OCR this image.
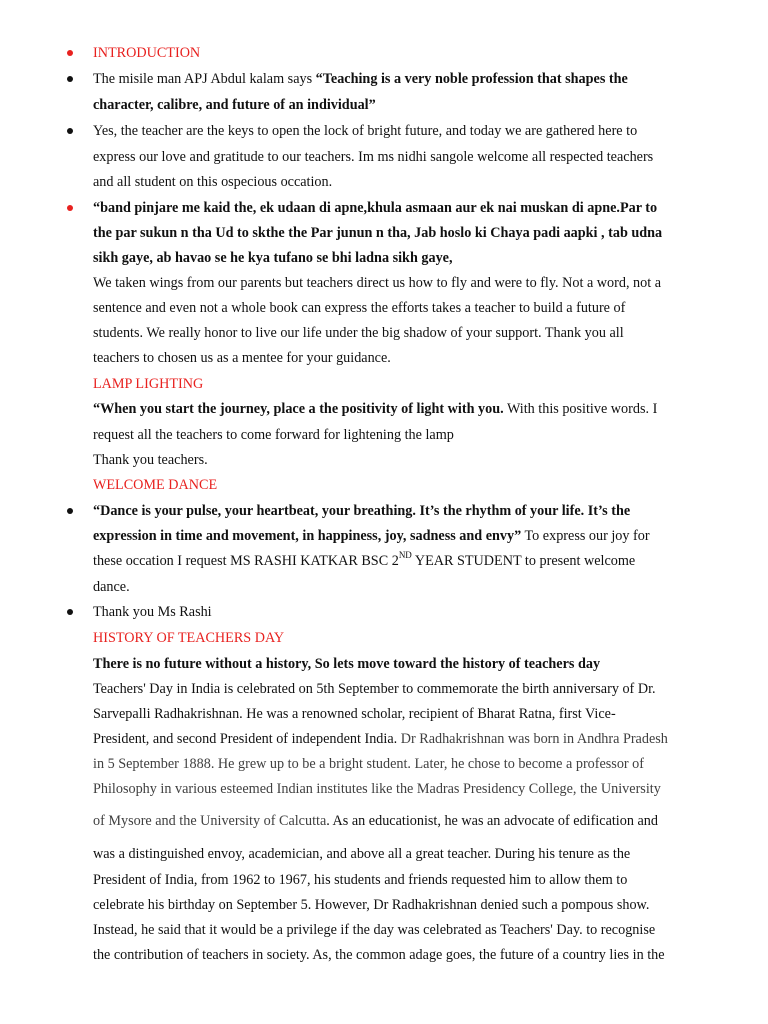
INTRODUCTION
The misile man APJ Abdul kalam says “Teaching is a very noble profession that shapes the
character, calibre, and future of an individual”
Yes, the teacher are the keys to open the lock of bright future, and today we are gathered here to
express our love and gratitude to our teachers. Im ms nidhi sangole welcome all respected teachers
and all student on this ospecious occation.
“band pinjare me kaid the, ek udaan di apne,khula asmaan aur ek nai muskan di apne.Par to
the par sukun n tha Ud to skthe the Par junun n tha, Jab hoslo ki Chaya padi aapki , tab udna
sikh gaye, ab havao se he kya tufano se bhi ladna sikh gaye,
We taken wings from our parents but teachers direct us how to fly and were to fly. Not a word, not a
sentence and even not a whole book can express the efforts takes a teacher to build a future of
students. We really honor to live our life under the big shadow of your support. Thank you all
teachers to chosen us as a mentee for your guidance.
LAMP LIGHTING
“When you start the journey, place a the positivity of light with you. With this positive words. I
request all the teachers to come forward for lightening the lamp
Thank you teachers.
WELCOME DANCE
“Dance is your pulse, your heartbeat, your breathing. It’s the rhythm of your life. It’s the
expression in time and movement, in happiness, joy, sadness and envy” To express our joy for
these occation I request MS RASHI KATKAR BSC 2ND YEAR STUDENT to present welcome
dance.
Thank you Ms Rashi
HISTORY OF TEACHERS DAY
There is no future without a history, So lets move toward the history of teachers day
Teachers' Day in India is celebrated on 5th September to commemorate the birth anniversary of Dr.
Sarvepalli Radhakrishnan. He was a renowned scholar, recipient of Bharat Ratna, first Vice-
President, and second President of independent India. Dr Radhakrishnan was born in Andhra Pradesh
in 5 September 1888. He grew up to be a bright student. Later, he chose to become a professor of
Philosophy in various esteemed Indian institutes like the Madras Presidency College, the University
of Mysore and the University of Calcutta. As an educationist, he was an advocate of edification and
was a distinguished envoy, academician, and above all a great teacher. During his tenure as the
President of India, from 1962 to 1967, his students and friends requested him to allow them to
celebrate his birthday on September 5. However, Dr Radhakrishnan denied such a pompous show.
Instead, he said that it would be a privilege if the day was celebrated as Teachers' Day. to recognise
the contribution of teachers in society. As, the common adage goes, the future of a country lies in the
